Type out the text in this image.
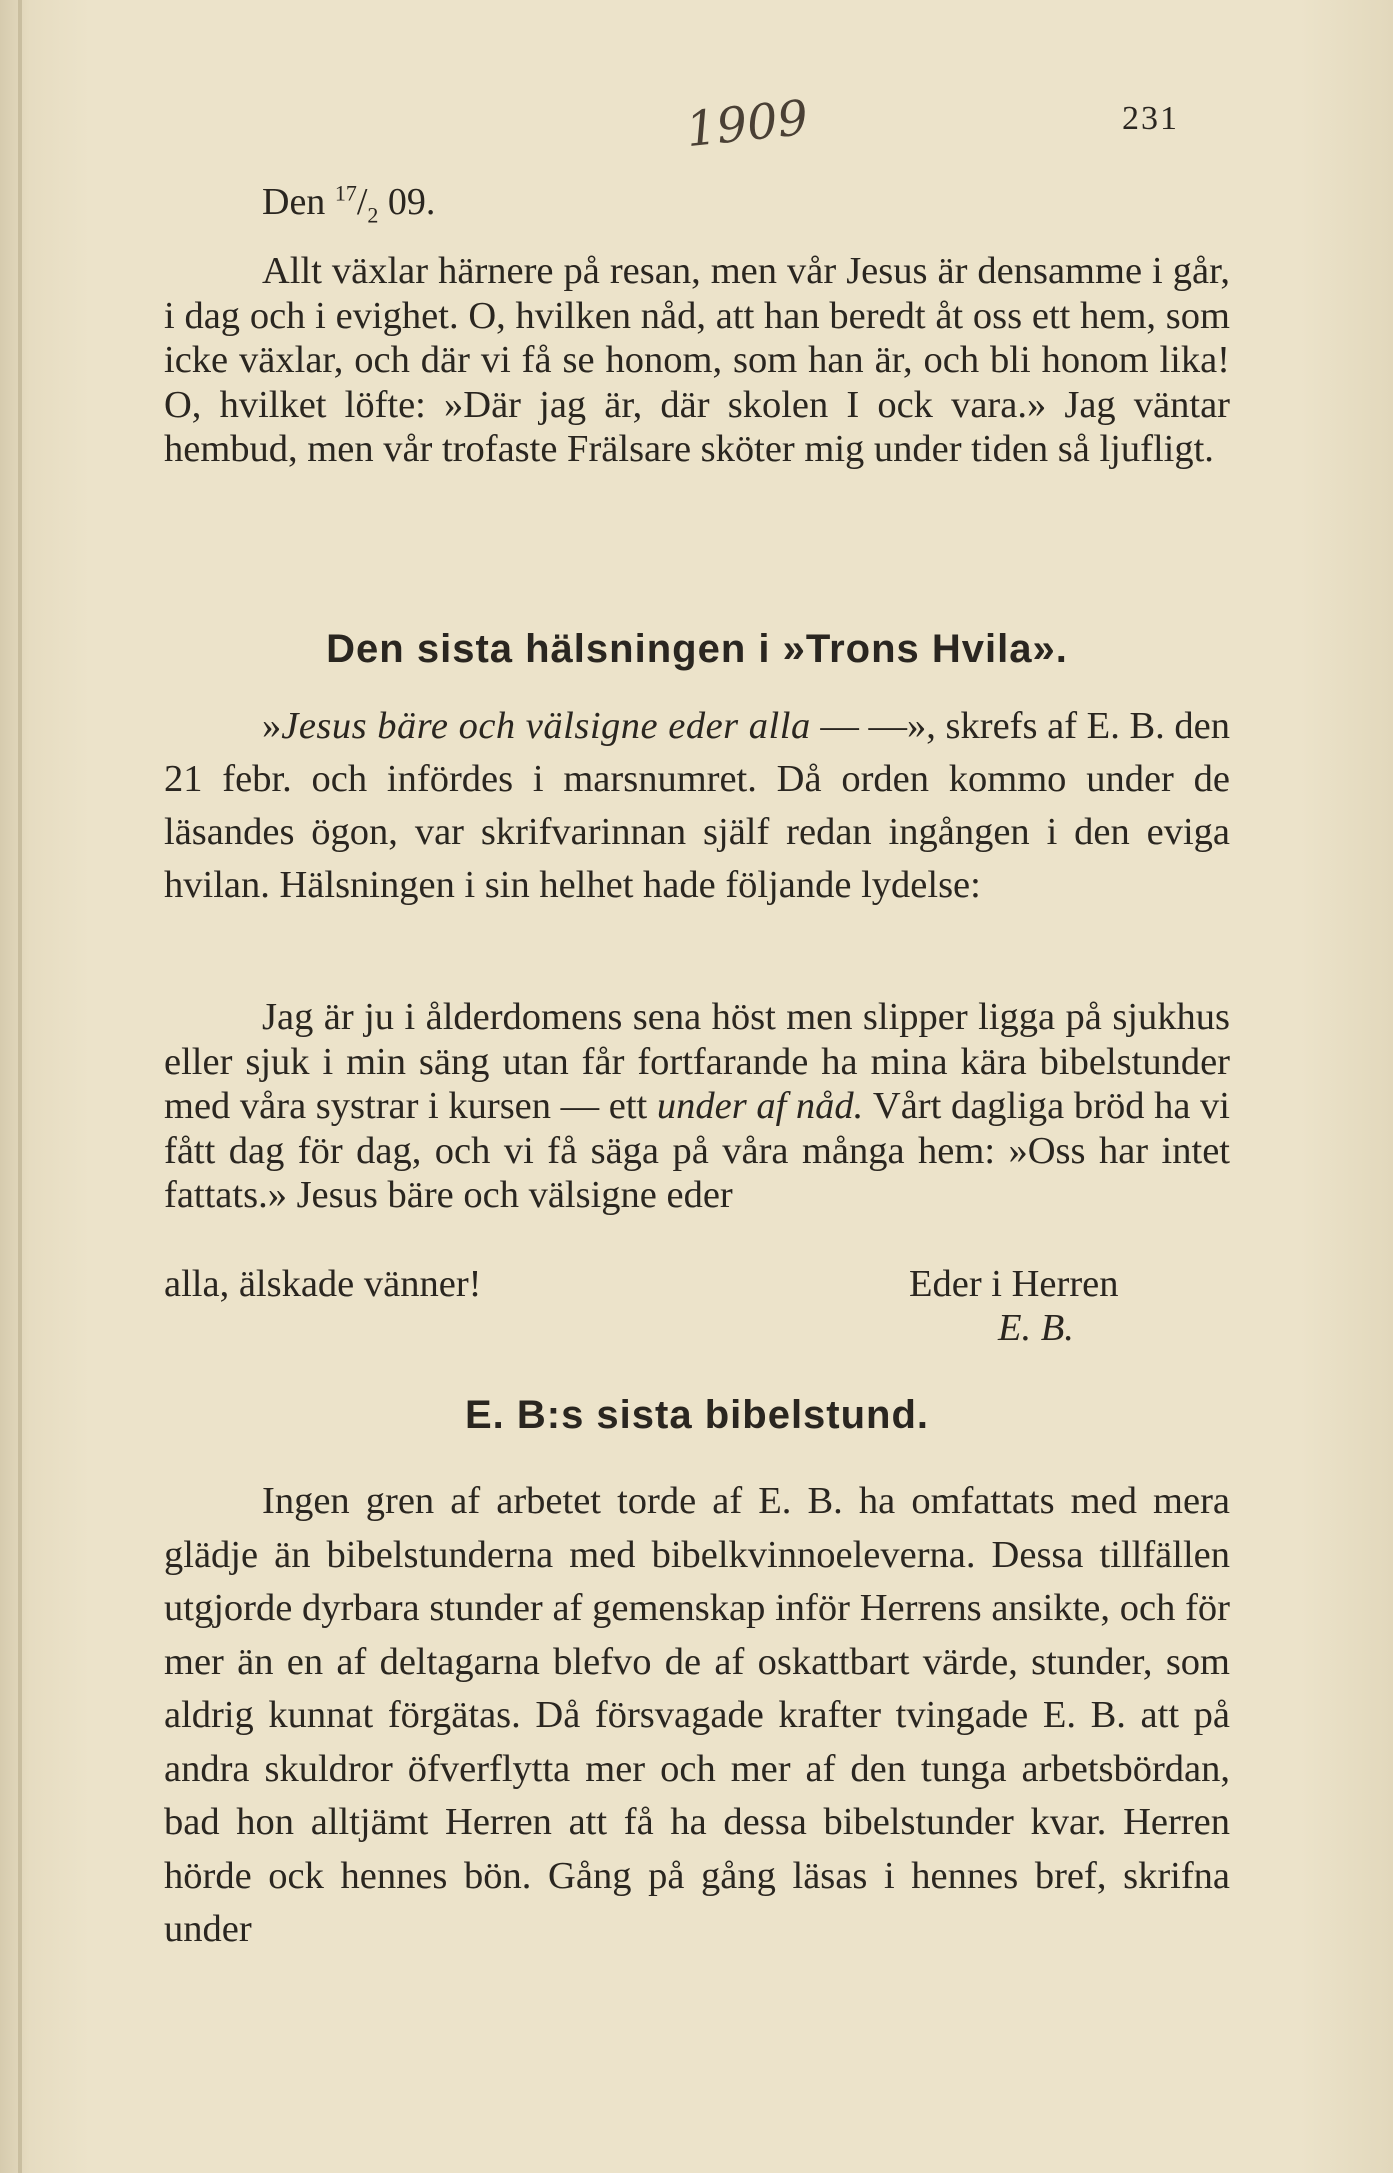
1909	231
Den $^{17}/_2$ 09.

Allt växlar härnere på resan, men vår Jesus är densamme i går, i dag och i evighet. O, hvilken nåd, att han beredt åt oss ett hem, som icke växlar, och där vi få se honom, som han är, och bli honom lika! O, hvilket löfte: »Där jag är, där skolen I ock vara.» Jag väntar hembud, men vår trofaste Frälsare sköter mig under tiden så ljufligt.

Den sista hälsningen i »Trons Hvila».

»Jesus bäre och välsigne eder alla — —», skrefs af E. B. den 21 febr. och infördes i marsnumret. Då orden kommo under de läsandes ögon, var skrifvarinnan själf redan ingången i den eviga hvilan. Hälsningen i sin helhet hade följande lydelse:

Jag är ju i ålderdomens sena höst men slipper ligga på sjukhus eller sjuk i min säng utan får fortfarande ha mina kära bibelstunder med våra systrar i kursen — ett under af nåd. Vårt dagliga bröd ha vi fått dag för dag, och vi få säga på våra många hem: »Oss har intet fattats.» Jesus bäre och välsigne eder

alla, älskade vänner!	Eder i Herren
E. B.
E. B:s sista bibelstund.

Ingen gren af arbetet torde af E. B. ha omfattats med mera glädje än bibelstunderna med bibelkvinnoeleverna. Dessa tillfällen utgjorde dyrbara stunder af gemenskap inför Herrens ansikte, och för mer än en af deltagarna blefvo de af oskattbart värde, stunder, som aldrig kunnat förgätas. Då försvagade krafter tvingade E. B. att på andra skuldror öfverflytta mer och mer af den tunga arbetsbördan, bad hon alltjämt Herren att få ha dessa bibelstunder kvar. Herren hörde ock hennes bön. Gång på gång läsas i hennes bref, skrifna under
